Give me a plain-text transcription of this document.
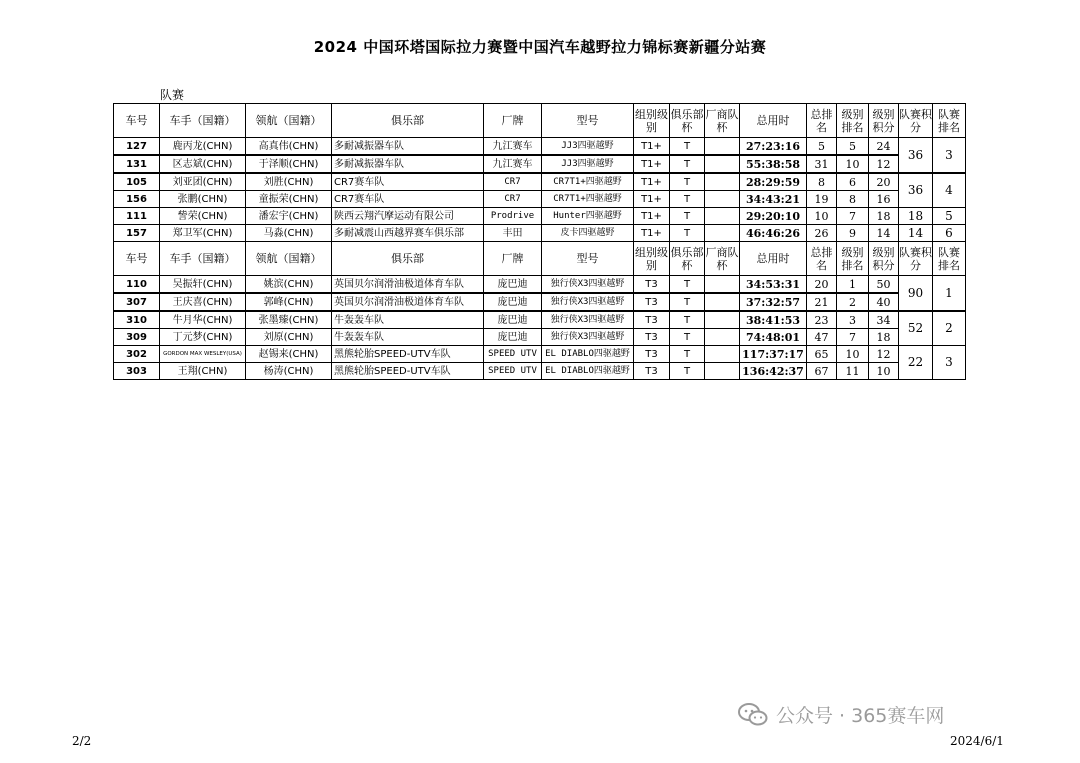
2024 中国环塔国际拉力赛暨中国汽车越野拉力锦标赛新疆分站赛
队赛
车号	车手（国籍）	领航（国籍）	俱乐部	厂牌	型号	组别级别	俱乐部杯	厂商队杯	总用时	总排名	级别排名	级别积分	队赛积分	队赛排名
127	鹿丙龙(CHN)	高真伟(CHN)	多耐减振器车队	九江赛车	JJ3四驱越野	T1+	T		27:23:16	5	5	24	36	3
131	区志斌(CHN)	于泽顺(CHN)	多耐减振器车队	九江赛车	JJ3四驱越野	T1+	T		55:38:58	31	10	12		
105	刘亚团(CHN)	刘胜(CHN)	CR7赛车队	CR7	CR7T1+四驱越野	T1+	T		28:29:59	8	6	20	36	4
156	张鹏(CHN)	童振荣(CHN)	CR7赛车队	CR7	CR7T1+四驱越野	T1+	T		34:43:21	19	8	16		
111	訾荣(CHN)	潘宏宇(CHN)	陕西云翔汽摩运动有限公司	Prodrive	Hunter四驱越野	T1+	T		29:20:10	10	7	18	18	5
157	郑卫军(CHN)	马淼(CHN)	多耐减震山西越界赛车俱乐部	丰田	皮卡四驱越野	T1+	T		46:46:26	26	9	14	14	6
车号	车手（国籍）	领航（国籍）	俱乐部	厂牌	型号	组别级别	俱乐部杯	厂商队杯	总用时	总排名	级别排名	级别积分	队赛积分	队赛排名
110	吴振轩(CHN)	姚滨(CHN)	英国贝尔润滑油极道体育车队	庞巴迪	独行侠X3四驱越野	T3	T		34:53:31	20	1	50	90	1
307	王庆喜(CHN)	郭峰(CHN)	英国贝尔润滑油极道体育车队	庞巴迪	独行侠X3四驱越野	T3	T		37:32:57	21	2	40		
310	牛月华(CHN)	张墨臻(CHN)	牛轰轰车队	庞巴迪	独行侠X3四驱越野	T3	T		38:41:53	23	3	34	52	2
309	丁元梦(CHN)	刘原(CHN)	牛轰轰车队	庞巴迪	独行侠X3四驱越野	T3	T		74:48:01	47	7	18		
302	GORDON MAX WESLEY(USA)	赵锡来(CHN)	黑熊轮胎SPEED-UTV车队	SPEED UTV	EL DIABLO四驱越野	T3	T		117:37:17	65	10	12	22	3
303	王翔(CHN)	杨涛(CHN)	黑熊轮胎SPEED-UTV车队	SPEED UTV	EL DIABLO四驱越野	T3	T		136:42:37	67	11	10		
2/2
公众号 · 365赛车网
2024/6/1
